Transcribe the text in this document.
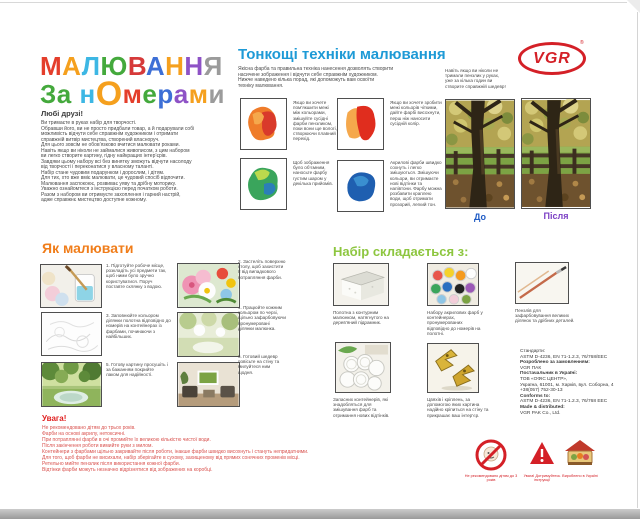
МАЛЮВАННЯ
За нОмерами
Любі друзі!
Ви тримаєте в руках набір для творчості.
Обравши його, ви не просто придбали товар, а й подарували собі
можливість відчути себе справжнім художником і отримати
справжній витвір мистецтва, створений власноруч.
Для цього зовсім не обов’язково вчитися малювати роками.
Навіть якщо ви ніколи не займалися живописом, з цим набором
ви легко створите картину, гідну найкращих інтер’єрів.
Завдяки цьому набору всі без винятку зможуть відчути насолоду
від творчості і переконатися у власному таланті.
Набір стане чудовим подарунком і дорослим, і дітям.
Для тих, хто вже вміє малювати, це чудовий спосіб відпочити.
Малювання заспокоює, розвиває уяву та дрібну моторику.
Уважно ознайомтеся з інструкцією перед початком роботи.
Разом з набором ви отримуєте захоплення і гарний настрій,
адже справжнє мистецтво доступне кожному.
Тонкощі техніки малювання
Якісна фарба та правильна техніка нанесення дозволять створити
насичене зображення і відчути себе справжнім художником.
Нижче наведено кілька порад, які допоможуть вам освоїти
техніку малювання.
Якщо ви хочете пом’якшити межі між кольорами, змішуйте сусідні фарби пензликом, поки вони ще вологі, створюючи плавний перехід.
Якщо ви хочете зробити межі кольорів чіткими, дайте фарбі висохнути, перш ніж наносити сусідній колір.
Щоб зображення було об’ємним, наносьте фарбу густим шаром у декілька прийомів.
Акрилові фарби швидко сохнуть і легко змішуються. Змішуючи кольори, ви отримаєте нові відтінки та напівтони. Фарбу можна розбавити краплею води, щоб отримати прозорий, легкий тон.
VGR
®
Навіть якщо ви ніколи не
тримали пензлик у руках,
уже за кілька годин ви
створите справжній шедевр!
До	Після
Як малювати
1. Підготуйте робоче місце, розкладіть усі предмети так, щоб ними було зручно користуватися. Поруч поставте склянку з водою.
3. Заповнюйте кольором ділянки полотна відповідно до номерів на контейнерах із фарбами, починаючи з найбільших.
5. Готову картину просушіть і за бажанням покрийте лаком для надійності.
2. Застеліть поверхню столу, щоб захистити її від випадкового потрапляння фарби.
4. Працюйте кожним кольором по черзі, щільно зафарбовуючи пронумеровані ділянки малюнка.
6. Готовий шедевр повісьте на стіну та милуйтеся ним щодня.
Набір складається з:
Полотна з контурним малюнком, натягнутого на дерев’яний підрамник.
Набору акрилових фарб у контейнерах, пронумерованих відповідно до номерів на полотні.
Пензлів для зафарбовування великих ділянок та дрібних деталей.
Запасних контейнерів, які знадобляться для змішування фарб та отримання нових відтінків.
Цвяхів і кріплень, за допомогою яких картина надійно кріпиться на стіну та прикрашає ваш інтер’єр.
Стандарти:
ASTM D-4236, EN 71-1.2.3, 76/768/EEC
Розроблено за замовленням:
VGR ПАК
Постачальник в Україні:
ТОВ «ОФІС ЦЕНТР»,
Україна, 61001, м. Харків, вул. Соборна, 4
+38(057) 752-30-13
Conforms to:
ASTM D-4236, EN 71-1.2.3, 76/768 EEC
Made & distributed:
VGR PAK Co., Ltd.
Увага!
Не рекомендовано дітям до трьох років.
Фарби на основі акрилу, нетоксичні.
При потраплянні фарби в очі промийте їх великою кількістю чистої води.
Після закінчення роботи вимийте руки з милом.
Контейнери з фарбами щільно закривайте після роботи, інакше фарби швидко висохнуть і стануть непридатними.
Для того, щоб фарби не висихали, набір зберігайте в сухому, захищеному від прямих сонячних променів місці.
Ретельно мийте пензлик після використання кожної фарби.
Відтінки фарби можуть незначно відрізнятися від зображених на коробці.
Не рекомендовано дітям до 3 років
Увага! Дотримуйтесь інструкції
Вироблено в Україні
